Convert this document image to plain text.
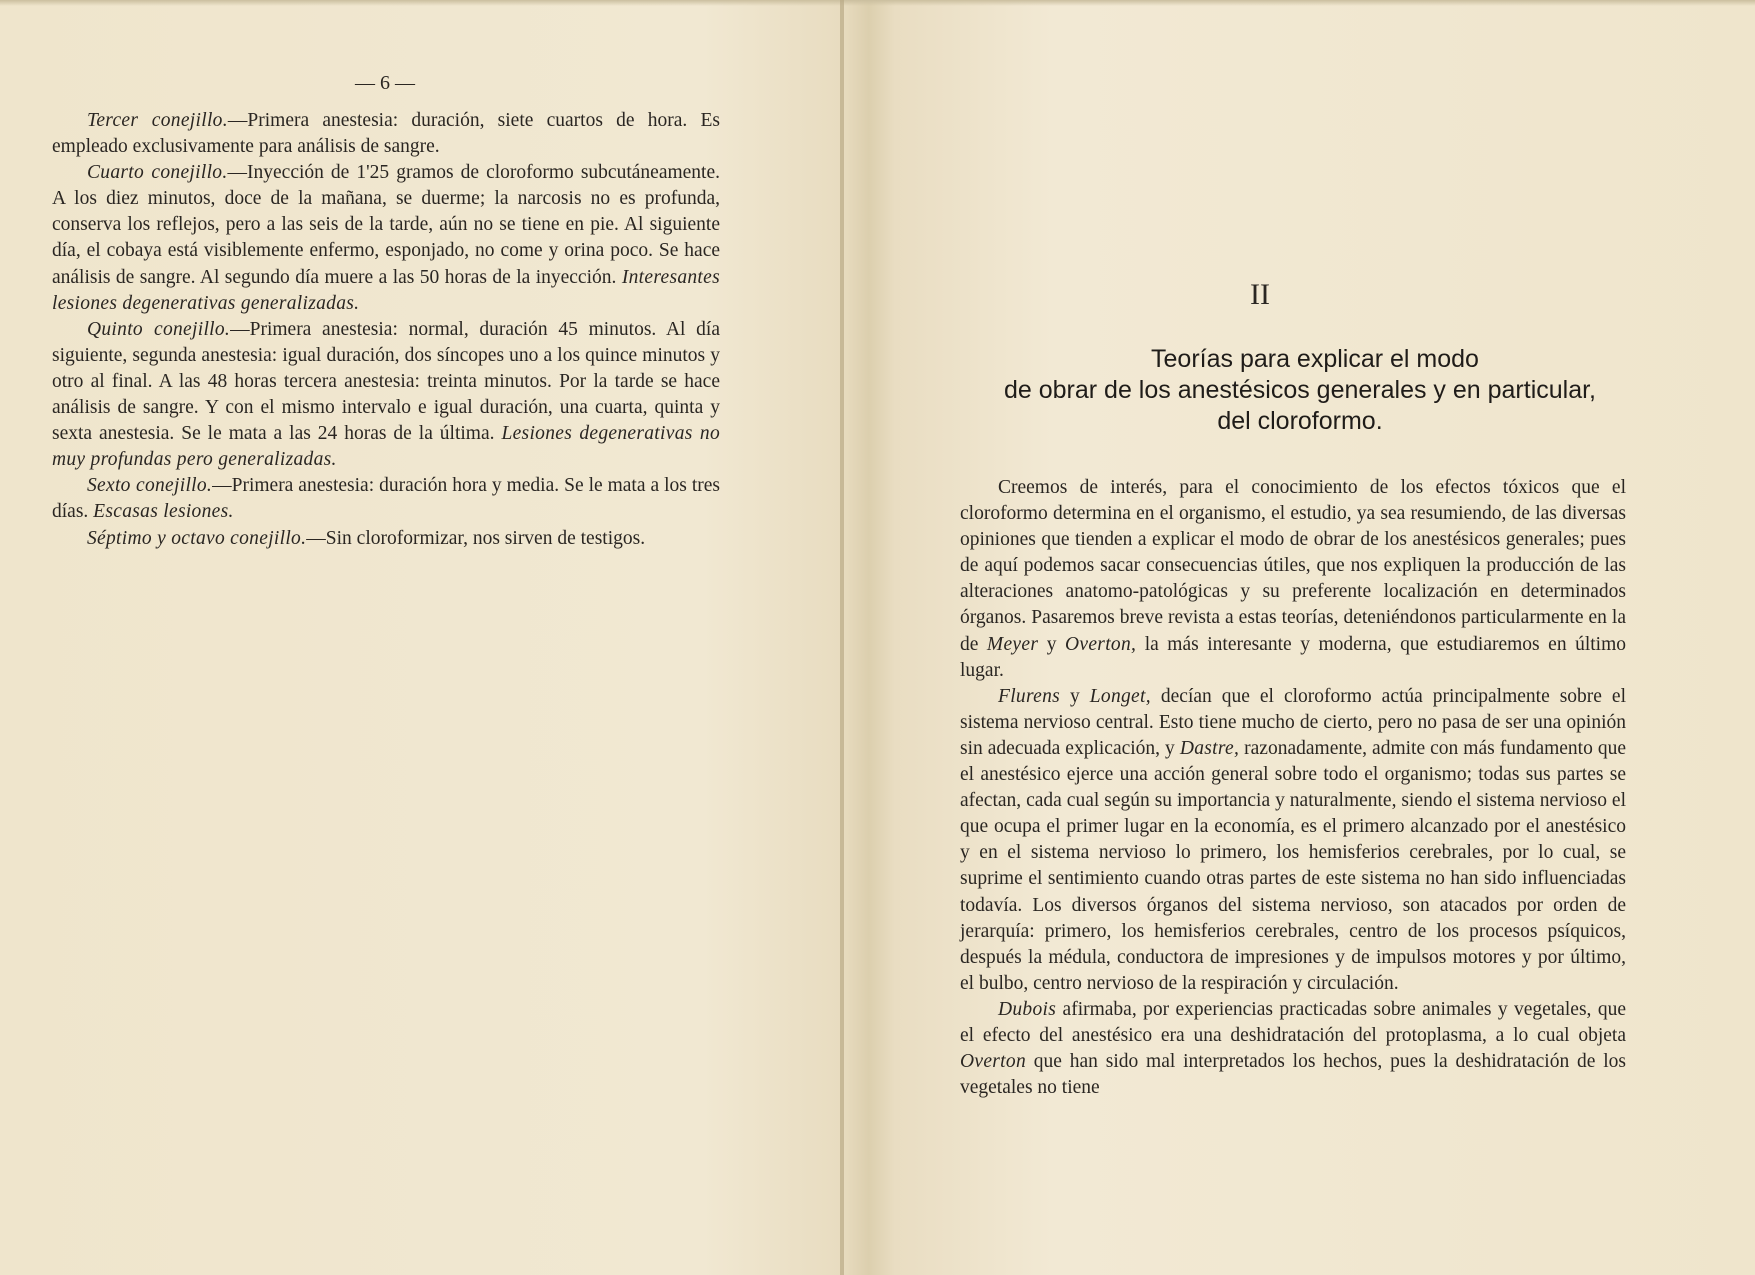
— 6 —

Tercer conejillo.—Primera anestesia: duración, siete cuartos de hora. Es empleado exclusivamente para análisis de sangre.

Cuarto conejillo.—Inyección de 1'25 gramos de cloroformo subcutáneamente. A los diez minutos, doce de la mañana, se duerme; la narcosis no es profunda, conserva los reflejos, pero a las seis de la tarde, aún no se tiene en pie. Al siguiente día, el cobaya está visiblemente enfermo, esponjado, no come y orina poco. Se hace análisis de sangre. Al segundo día muere a las 50 horas de la inyección. Interesantes lesiones degenerativas generalizadas.

Quinto conejillo.—Primera anestesia: normal, duración 45 minutos. Al día siguiente, segunda anestesia: igual duración, dos síncopes uno a los quince minutos y otro al final. A las 48 horas tercera anestesia: treinta minutos. Por la tarde se hace análisis de sangre. Y con el mismo intervalo e igual duración, una cuarta, quinta y sexta anestesia. Se le mata a las 24 horas de la última. Lesiones degenerativas no muy profundas pero generalizadas.

Sexto conejillo.—Primera anestesia: duración hora y media. Se le mata a los tres días. Escasas lesiones.

Séptimo y octavo conejillo.—Sin cloroformizar, nos sirven de testigos.

II
Teorías para explicar el modo
de obrar de los anestésicos generales y en particular,
del cloroformo.

Creemos de interés, para el conocimiento de los efectos tóxicos que el cloroformo determina en el organismo, el estudio, ya sea resumiendo, de las diversas opiniones que tienden a explicar el modo de obrar de los anestésicos generales; pues de aquí podemos sacar consecuencias útiles, que nos expliquen la producción de las alteraciones anatomo-patológicas y su preferente localización en determinados órganos. Pasaremos breve revista a estas teorías, deteniéndonos particularmente en la de Meyer y Overton, la más interesante y moderna, que estudiaremos en último lugar.

Flurens y Longet, decían que el cloroformo actúa principalmente sobre el sistema nervioso central. Esto tiene mucho de cierto, pero no pasa de ser una opinión sin adecuada explicación, y Dastre, razonadamente, admite con más fundamento que el anestésico ejerce una acción general sobre todo el organismo; todas sus partes se afectan, cada cual según su importancia y naturalmente, siendo el sistema nervioso el que ocupa el primer lugar en la economía, es el primero alcanzado por el anestésico y en el sistema nervioso lo primero, los hemisferios cerebrales, por lo cual, se suprime el sentimiento cuando otras partes de este sistema no han sido influenciadas todavía. Los diversos órganos del sistema nervioso, son atacados por orden de jerarquía: primero, los hemisferios cerebrales, centro de los procesos psíquicos, después la médula, conductora de impresiones y de impulsos motores y por último, el bulbo, centro nervioso de la respiración y circulación.

Dubois afirmaba, por experiencias practicadas sobre animales y vegetales, que el efecto del anestésico era una deshidratación del protoplasma, a lo cual objeta Overton que han sido mal interpretados los hechos, pues la deshidratación de los vegetales no tiene
